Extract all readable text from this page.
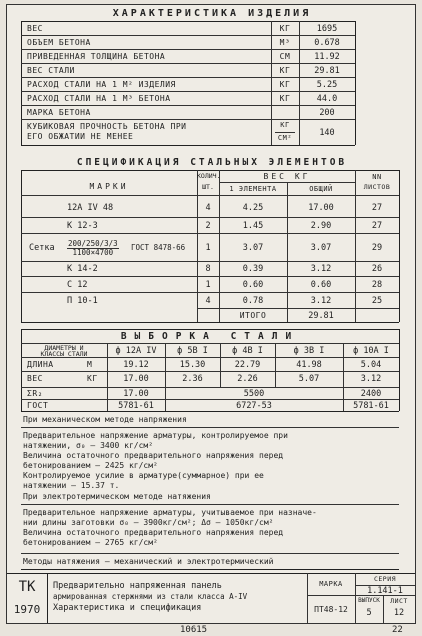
ХАРАКТЕРИСТИКА ИЗДЕЛИЯ
ВЕС	КГ	1695
ОБЪЕМ БЕТОНА	М³	0.678
ПРИВЕДЕННАЯ ТОЛЩИНА БЕТОНА	СМ	11.92
ВЕС СТАЛИ	КГ	29.81
РАСХОД СТАЛИ НА 1 М² ИЗДЕЛИЯ	КГ	5.25
РАСХОД СТАЛИ НА 1 М³ БЕТОНА	КГ	44.0
МАРКА БЕТОНА	200
КУБИКОВАЯ ПРОЧНОСТЬ БЕТОНА ПРИ
ЕГО ОБЖАТИИ НЕ МЕНЕЕ
КГ
СМ²	140
СПЕЦИФИКАЦИЯ СТАЛЬНЫХ ЭЛЕМЕНТОВ
МАРКИ
КОЛИЧ.
ШТ.
ВЕС КГ
1 ЭЛЕМЕНТА	ОБЩИЙ
NN
ЛИСТОВ
12А IV 48	4	4.25	17.00	27
К 12-3	2	1.45	2.90	27
Сетка $\frac{200/250/3/3}{1100\times 4700}$ ГОСТ 8478-66	1	3.07	3.07	29
К 14-2	8	0.39	3.12	26
С 12	1	0.60	0.60	28
П 10-1	4	0.78	3.12	25
ИТОГО	29.81
ВЫБОРКА СТАЛИ
ДИАМЕТРЫ И
КЛАССЫ СТАЛИ	ф 12А IV	ф 5В I	ф 4В I	ф 3В I	ф 10А I
ДЛИНА	М	19.12	15.30	22.79	41.98	5.04
ВЕС	КГ	17.00	2.36	2.26	5.07	3.12
ΣR₂	17.00	5500	2400
ГОСТ	5781-61	6727-53	5781-61
При механическом методе напряжения
Предварительное напряжение арматуры, контролируемое при
натяжении, σ₀ — 3400 кг/см²
Величина остаточного предварительного напряжения перед
бетонированием — 2425 кг/см²
Контролируемое усилие в арматуре(суммарное) при ее
натяжении — 15.37 т.
При электротермическом методе натяжения
Предварительное напряжение арматуры, учитываемое при назначе-
нии длины заготовки σ₀ — 3900кг/см²; Δσ — 1050кг/см²
Величина остаточного предварительного напряжения перед
бетонированием — 2765 кг/см²
Методы натяжения — механический и электротермический
ТК
1970
Предварительно напряженная панель
армированная стержнями из стали класса А-IV
Характеристика и спецификация
МАРКА
ПТ48-12
СЕРИЯ
1.141-1
ВЫПУСК
5
ЛИСТ
12
10615	22
